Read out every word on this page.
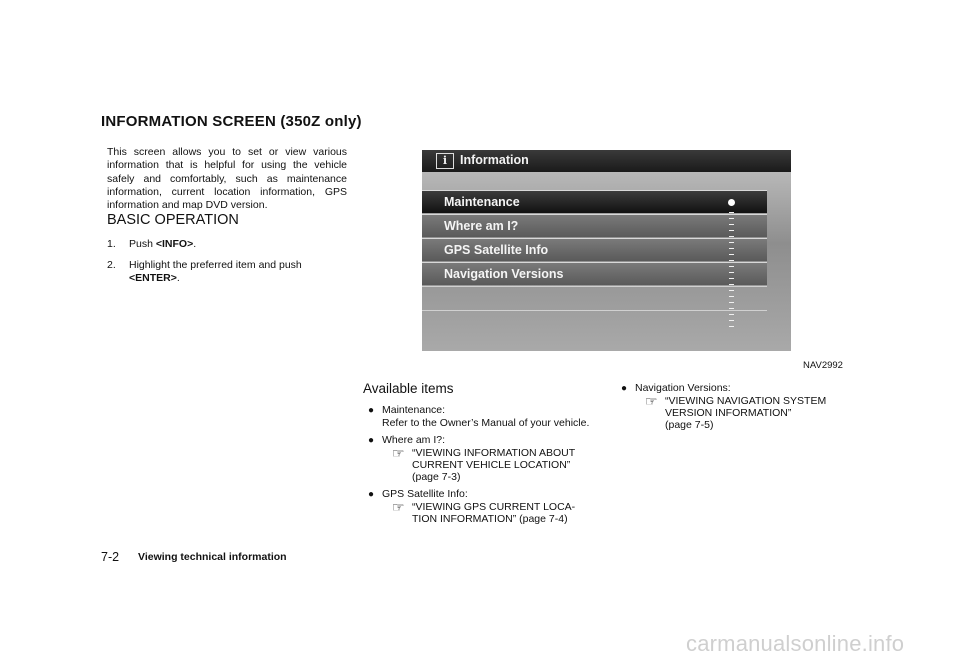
INFORMATION SCREEN (350Z only)
This screen allows you to set or view various information that is helpful for using the vehicle safely and comfortably, such as maintenance information, current location information, GPS information and map DVD version.
BASIC OPERATION
1. Push <INFO>.
2. Highlight the preferred item and push
<ENTER>.
i	Information
Maintenance
Where am I?
GPS Satellite Info
Navigation Versions
NAV2992
Available items
● Maintenance:
Refer to the Owner’s Manual of your vehicle.
● Where am I?:
☞ “VIEWING INFORMATION ABOUT
CURRENT VEHICLE LOCATION”
(page 7-3)
● GPS Satellite Info:
☞ “VIEWING GPS CURRENT LOCA-
TION INFORMATION” (page 7-4)
● Navigation Versions:
☞ “VIEWING NAVIGATION SYSTEM
VERSION INFORMATION”
(page 7-5)
7-2 Viewing technical information
carmanualsonline.info
